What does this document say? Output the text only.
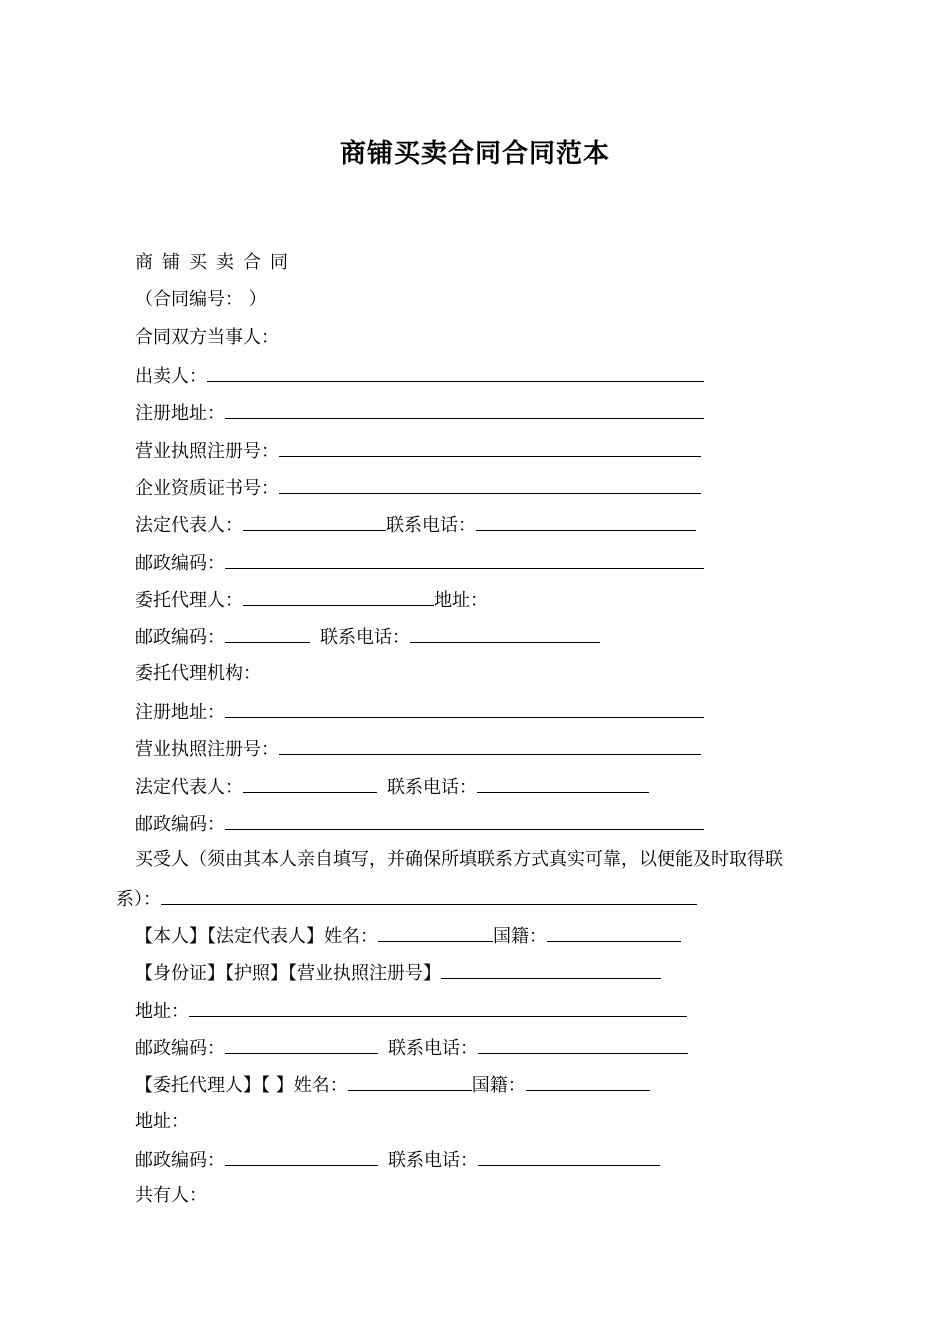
商铺买卖合同合同范本
商铺买卖合同
（合同编号： ）
合同双方当事人：
出卖人：
注册地址：
营业执照注册号：
企业资质证书号：
法定代表人：	联系电话：
邮政编码：
委托代理人：	地址：
邮政编码：	联系电话：
委托代理机构：
注册地址：
营业执照注册号：
法定代表人：	联系电话：
邮政编码：
买受人（须由其本人亲自填写，并确保所填联系方式真实可靠，以便能及时取得联
系）：
【本人】【法定代表人】姓名：	国籍：
【身份证】【护照】【营业执照注册号】
地址：
邮政编码：	联系电话：
【委托代理人】【 】姓名：	国籍：
地址：
邮政编码：	联系电话：
共有人：
